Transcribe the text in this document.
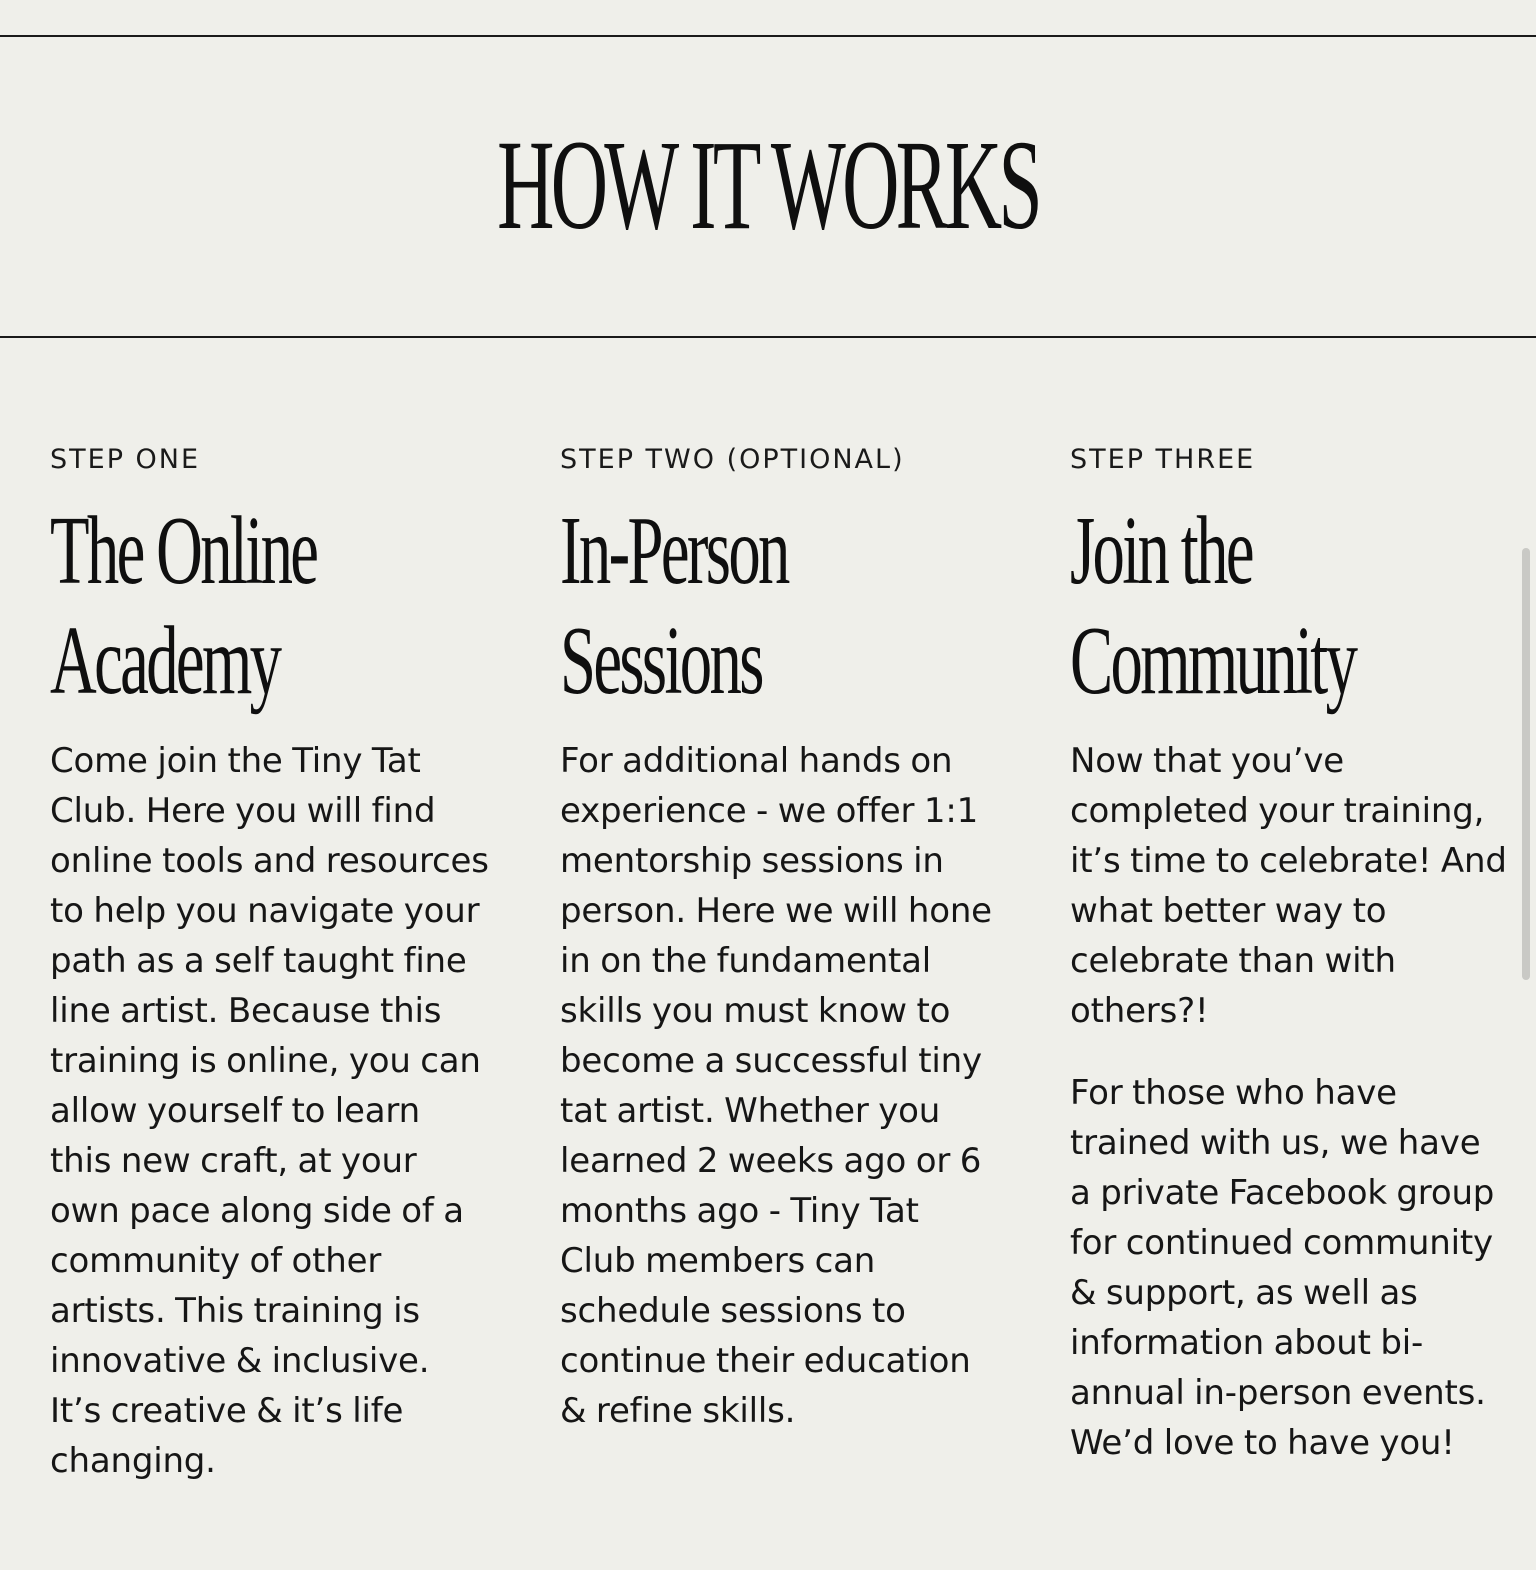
HOW IT WORKS

STEP ONE

The Online
Academy

Come join the Tiny Tat Club. Here you will find online tools and resources to help you navigate your path as a self taught fine line artist. Because this training is online, you can allow yourself to learn this new craft, at your own pace along side of a community of other artists. This training is innovative & inclusive. It’s creative & it’s life changing.

STEP TWO (OPTIONAL)

In-Person
Sessions

For additional hands on experience - we offer 1:1 mentorship sessions in person. Here we will hone in on the fundamental skills you must know to become a successful tiny tat artist. Whether you learned 2 weeks ago or 6 months ago - Tiny Tat Club members can schedule sessions to continue their education & refine skills.

STEP THREE

Join the
Community

Now that you’ve completed your training, it’s time to celebrate! And what better way to celebrate than with others?!

For those who have trained with us, we have a private Facebook group for continued community & support, as well as information about bi-annual in-person events. We’d love to have you!
